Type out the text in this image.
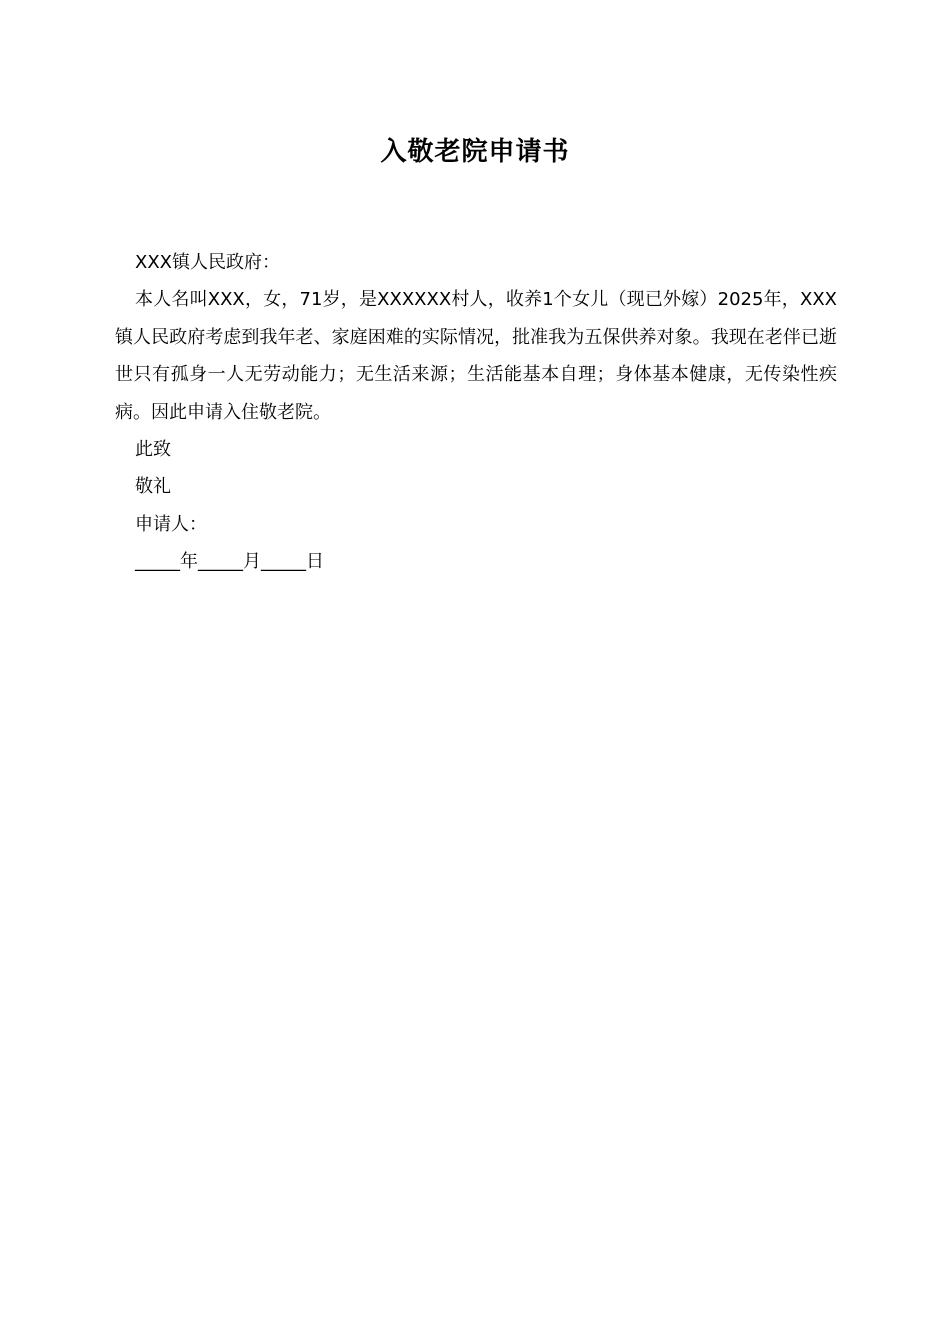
入敬老院申请书

XXX镇人民政府：

本人名叫XXX，女，71岁，是XXXXXX村人，收养1个女儿（现已外嫁）2025年，XXX镇人民政府考虑到我年老、家庭困难的实际情况，批准我为五保供养对象。我现在老伴已逝世只有孤身一人无劳动能力；无生活来源；生活能基本自理；身体基本健康，无传染性疾病。因此申请入住敬老院。

此致

敬礼

申请人：

_____年_____月_____日
